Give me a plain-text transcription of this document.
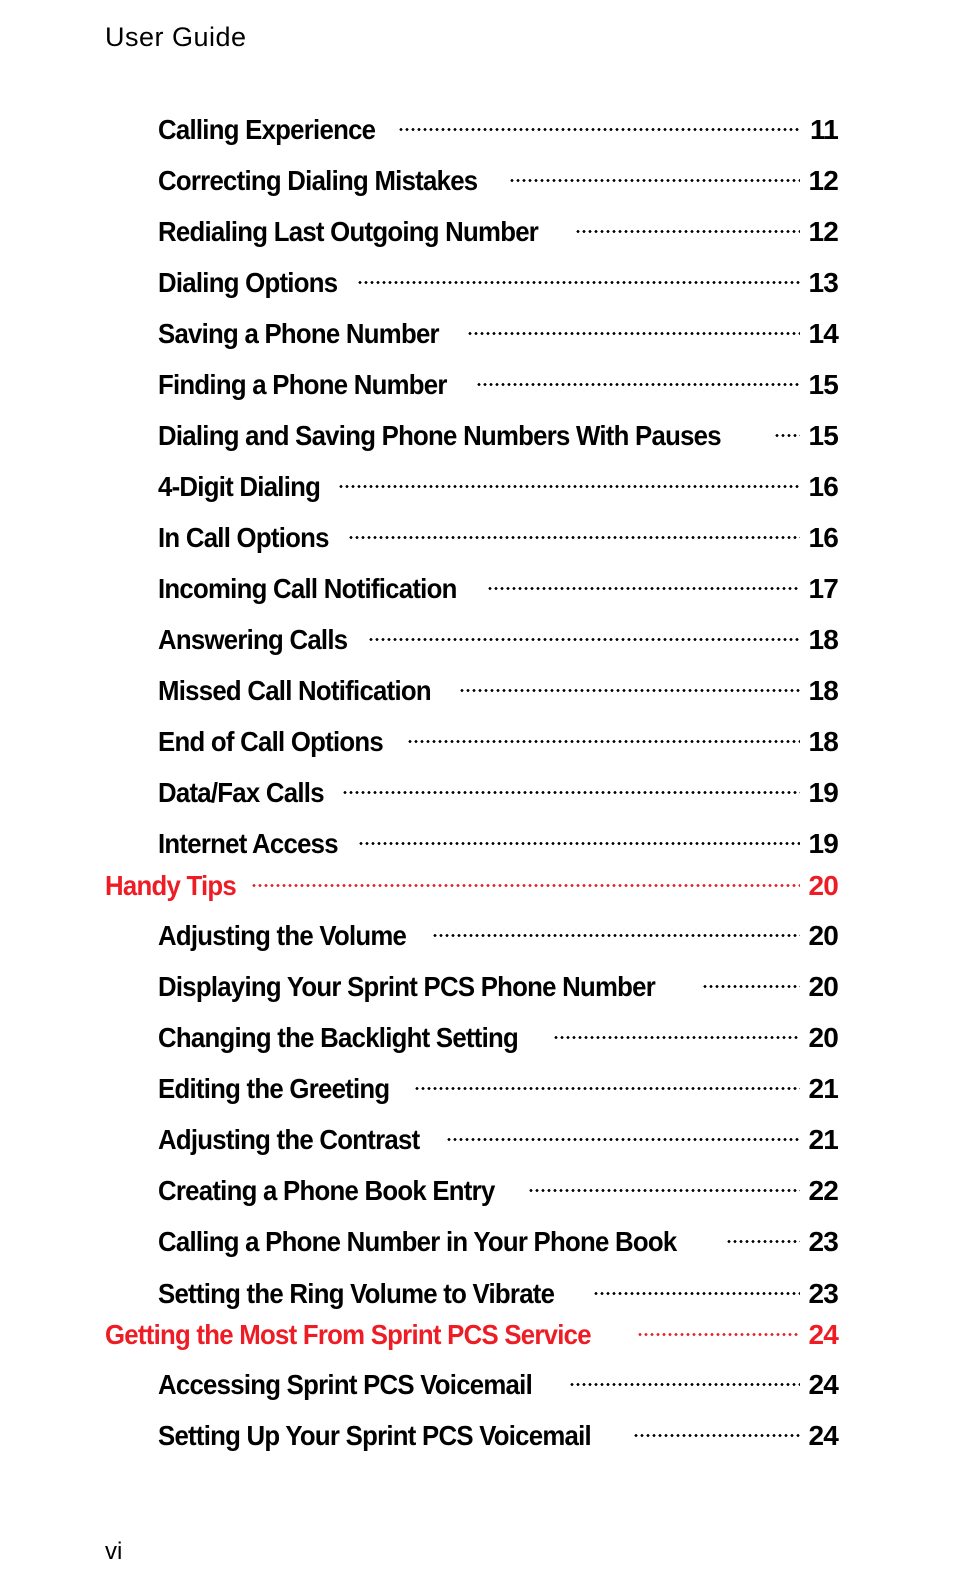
User Guide
Calling Experience	11
Correcting Dialing Mistakes	12
Redialing Last Outgoing Number	12
Dialing Options	13
Saving a Phone Number	14
Finding a Phone Number	15
Dialing and Saving Phone Numbers With Pauses	15
4-Digit Dialing	16
In Call Options	16
Incoming Call Notification	17
Answering Calls	18
Missed Call Notification	18
End of Call Options	18
Data/Fax Calls	19
Internet Access	19
Handy Tips	20
Adjusting the Volume	20
Displaying Your Sprint PCS Phone Number	20
Changing the Backlight Setting	20
Editing the Greeting	21
Adjusting the Contrast	21
Creating a Phone Book Entry	22
Calling a Phone Number in Your Phone Book	23
Setting the Ring Volume to Vibrate	23
Getting the Most From Sprint PCS Service	24
Accessing Sprint PCS Voicemail	24
Setting Up Your Sprint PCS Voicemail	24
vi
